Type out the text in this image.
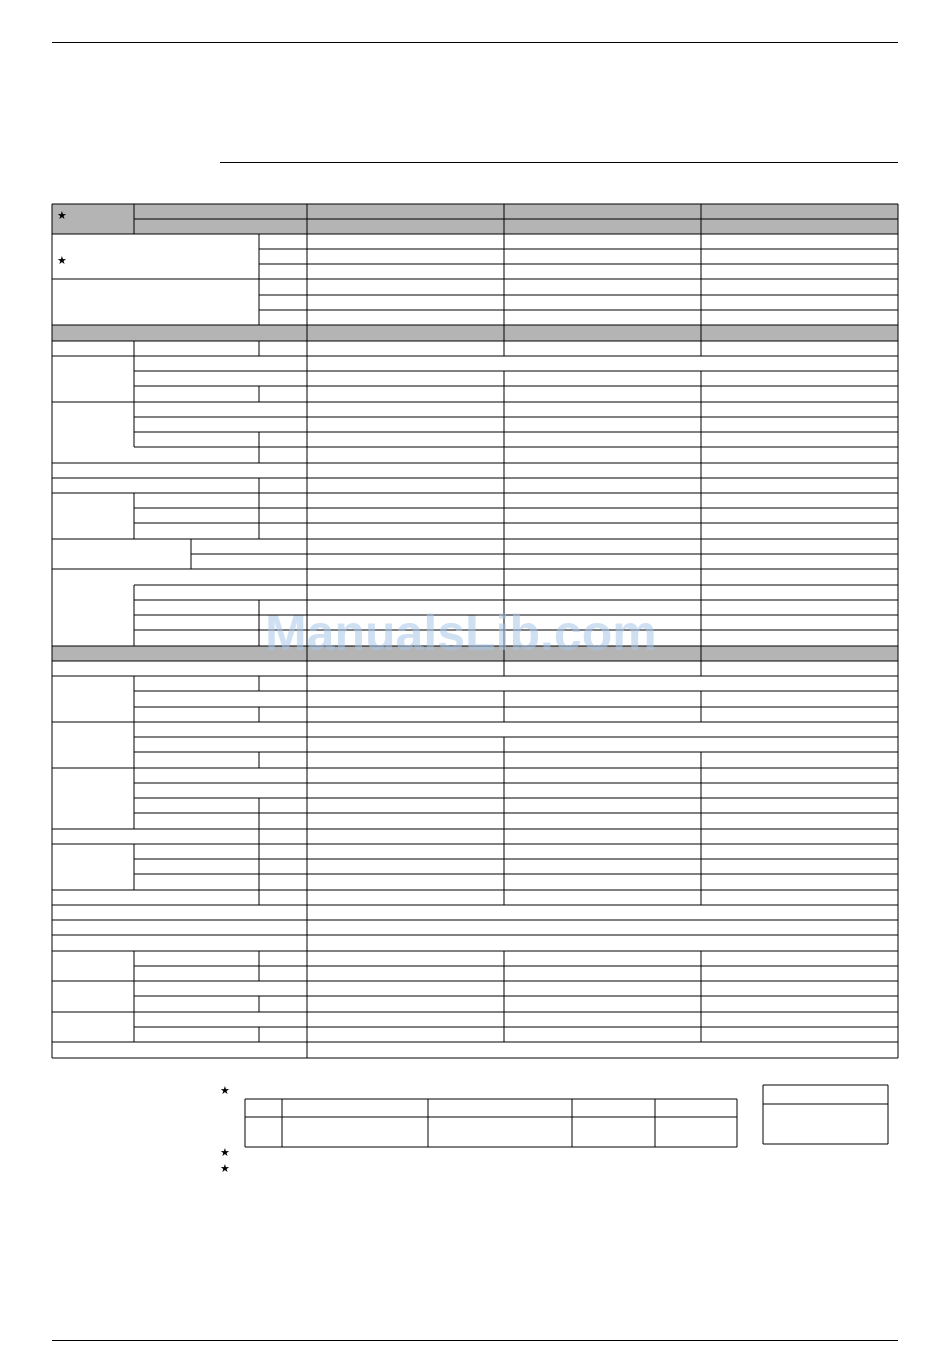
★
★
ManualsLib.com
★
★
★
